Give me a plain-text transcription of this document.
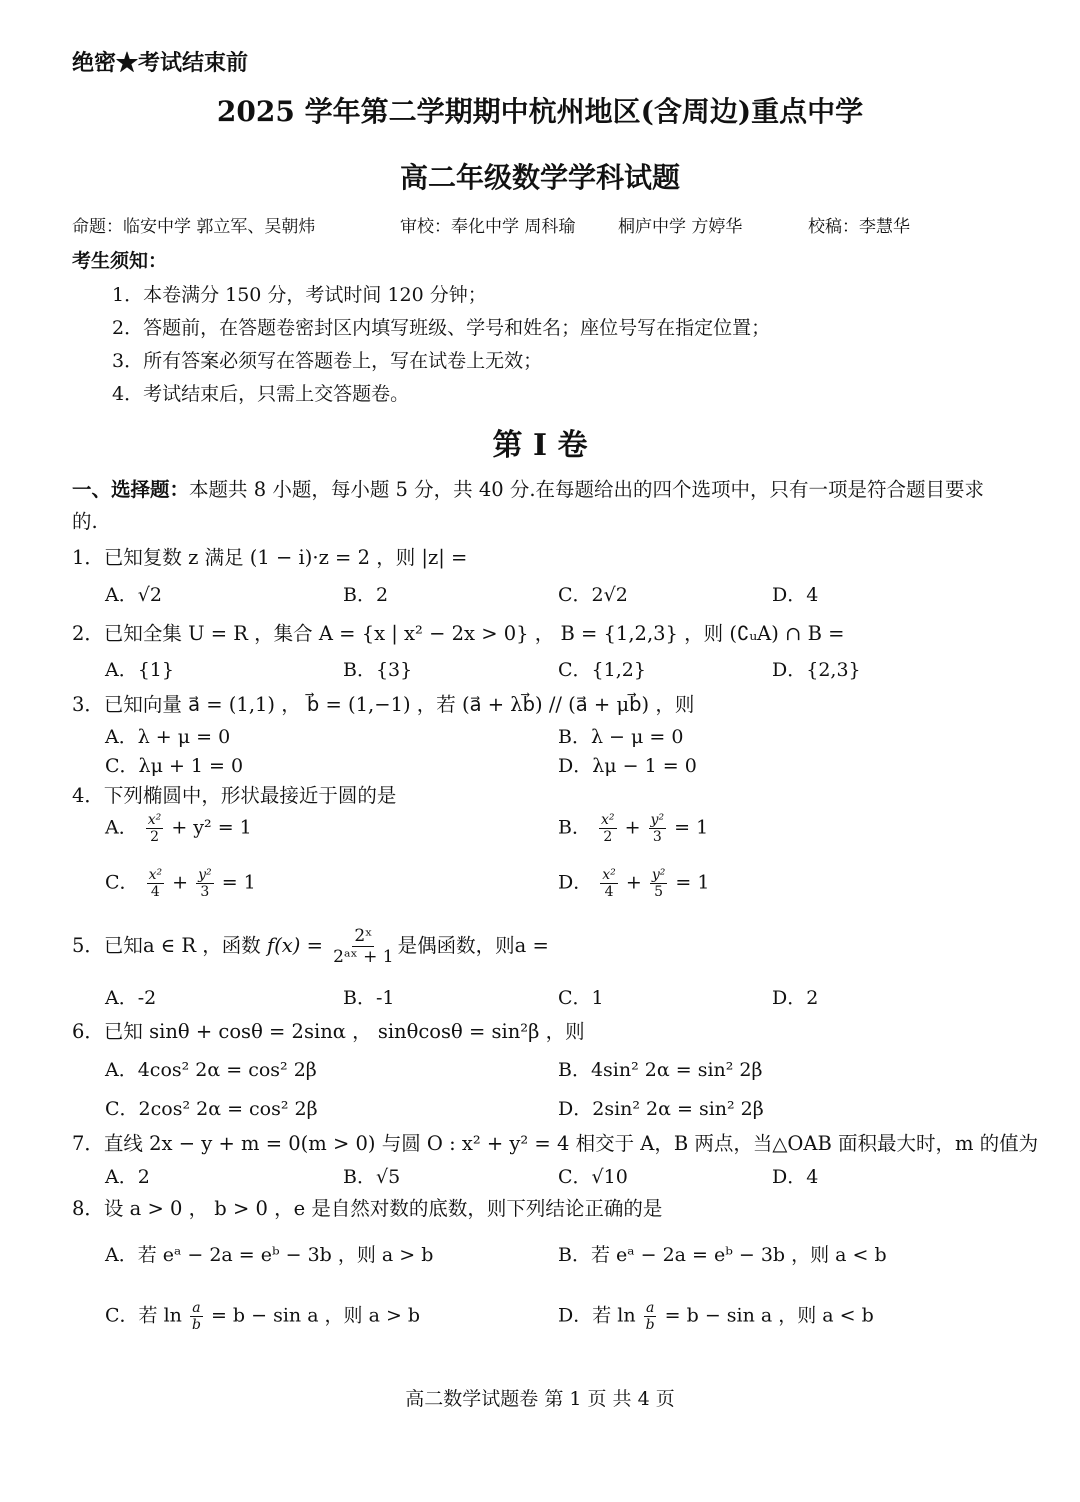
绝密★考试结束前
2025 学年第二学期期中杭州地区(含周边)重点中学
高二年级数学学科试题
命题：临安中学 郭立军、吴朝炜	审校：奉化中学 周科瑜	桐庐中学 方婷华	校稿：李慧华
考生须知：
1．本卷满分 150 分，考试时间 120 分钟；
2．答题前，在答题卷密封区内填写班级、学号和姓名；座位号写在指定位置；
3．所有答案必须写在答题卷上，写在试卷上无效；
4．考试结束后，只需上交答题卷。
第 I 卷
一、选择题：本题共 8 小题，每小题 5 分，共 40 分.在每题给出的四个选项中，只有一项是符合题目要求的.
1．已知复数 z 满足 (1 − i)·z = 2 ，则 |z| =
A．√2	B．2	C．2√2	D．4
2．已知全集 U = R ，集合 A = {x | x² − 2x > 0} ， B = {1,2,3} ，则 (∁ᵤA) ∩ B =
A．{1}	B．{3}	C．{1,2}	D．{2,3}
3．已知向量 a⃗ = (1,1) ， b⃗ = (1,−1) ，若 (a⃗ + λb⃗) // (a⃗ + μb⃗) ，则
A．λ + μ = 0	B．λ − μ = 0
C．λμ + 1 = 0	D．λμ − 1 = 0
4．下列椭圆中，形状最接近于圆的是
A． $\frac{\text{x²}}{2} + y^2 = 1$	B． $\frac{\text{x²}}{2} + \frac{\text{y²}}{3} = 1$
C． $\frac{\text{x²}}{4} + \frac{\text{y²}}{3} = 1$	D． $\frac{\text{x²}}{4} + \frac{\text{y²}}{5} = 1$
5．已知a ∈ R ，函数 $f(x) = \frac{\text{2ˣ}}{\text{2ᵃˣ + 1}}$ 是偶函数，则a =
A．-2	B．-1	C．1	D．2
6．已知 sinθ + cosθ = 2sinα ， sinθcosθ = sin²β ，则
A．4cos² 2α = cos² 2β	B．4sin² 2α = sin² 2β
C．2cos² 2α = cos² 2β	D．2sin² 2α = sin² 2β
7．直线 2x − y + m = 0(m > 0) 与圆 O : x² + y² = 4 相交于 A，B 两点，当△OAB 面积最大时，m 的值为
A．2	B．√5	C．√10	D．4
8．设 a > 0 ， b > 0 ，e 是自然对数的底数，则下列结论正确的是
A．若 eᵃ − 2a = eᵇ − 3b ，则 a > b	B．若 eᵃ − 2a = eᵇ − 3b ，则 a < b
C．若 $\ln \frac{a}{b} = b - \sin a$ ，则 a > b	D．若 $\ln \frac{a}{b} = b - \sin a$ ，则 a < b
高二数学试题卷 第 1 页 共 4 页
